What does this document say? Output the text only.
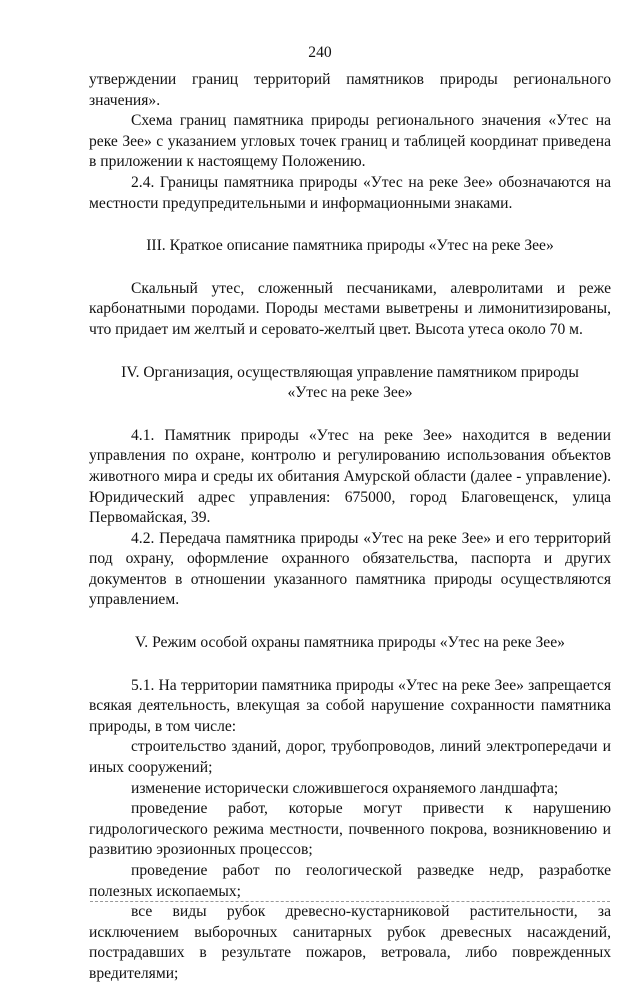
240

утверждении границ территорий памятников природы регионального значения».

Схема границ памятника природы регионального значения «Утес на реке Зее» с указанием угловых точек границ и таблицей координат приведена в приложении к настоящему Положению.

2.4. Границы памятника природы «Утес на реке Зее» обозначаются на местности предупредительными и информационными знаками.

III. Краткое описание памятника природы «Утес на реке Зее»

Скальный утес, сложенный песчаниками, алевролитами и реже карбонатными породами. Породы местами выветрены и лимонитизированы, что придает им желтый и серовато-желтый цвет. Высота утеса около 70 м.

IV. Организация, осуществляющая управление памятником природы
«Утес на реке Зее»

4.1. Памятник природы «Утес на реке Зее» находится в ведении управления по охране, контролю и регулированию использования объектов животного мира и среды их обитания Амурской области (далее - управление). Юридический адрес управления: 675000, город Благовещенск, улица Первомайская, 39.

4.2. Передача памятника природы «Утес на реке Зее» и его территорий под охрану, оформление охранного обязательства, паспорта и других документов в отношении указанного памятника природы осуществляются управлением.

V. Режим особой охраны памятника природы «Утес на реке Зее»

5.1. На территории памятника природы «Утес на реке Зее» запрещается всякая деятельность, влекущая за собой нарушение сохранности памятника природы, в том числе:

строительство зданий, дорог, трубопроводов, линий электропередачи и иных сооружений;

изменение исторически сложившегося охраняемого ландшафта;

проведение работ, которые могут привести к нарушению гидрологического режима местности, почвенного покрова, возникновению и развитию эрозионных процессов;

проведение работ по геологической разведке недр, разработке полезных ископаемых;

все виды рубок древесно-кустарниковой растительности, за исключением выборочных санитарных рубок древесных насаждений, пострадавших в результате пожаров, ветровала, либо поврежденных вредителями;
